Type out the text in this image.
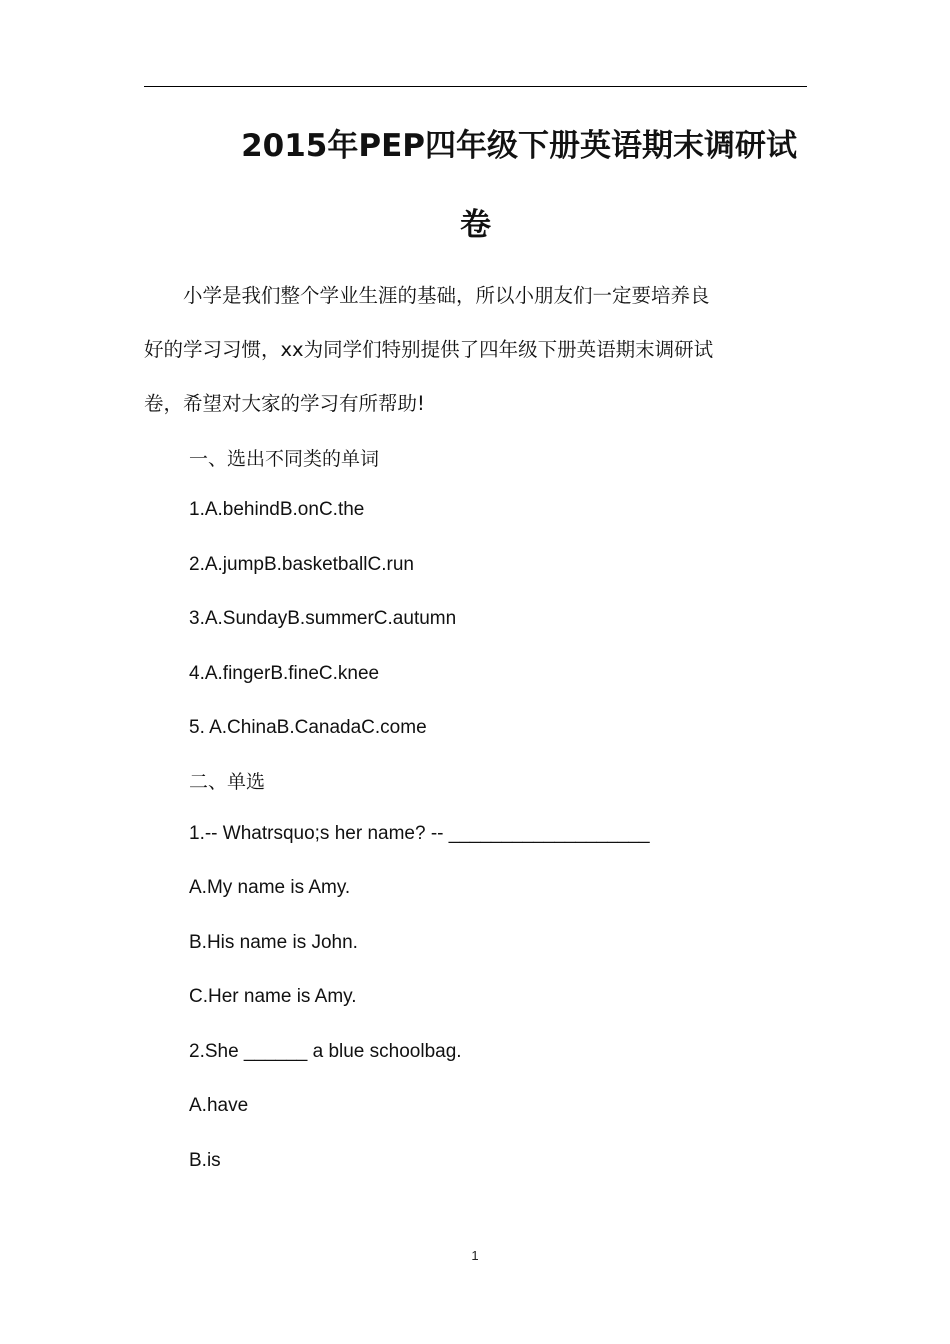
2015年PEP四年级下册英语期末调研试
卷
　　小学是我们整个学业生涯的基础，所以小朋友们一定要培养良
好的学习习惯，xx为同学们特别提供了四年级下册英语期末调研试
卷，希望对大家的学习有所帮助!
一、选出不同类的单词
1.A.behindB.onC.the
2.A.jumpB.basketballC.run
3.A.SundayB.summerC.autumn
4.A.fingerB.fineC.knee
5. A.ChinaB.CanadaC.come
二、单选
1.-- Whatrsquo;s her name? -- ___________________
A.My name is Amy.
B.His name is John.
C.Her name is Amy.
2.She ______ a blue schoolbag.
A.have
B.is
1
